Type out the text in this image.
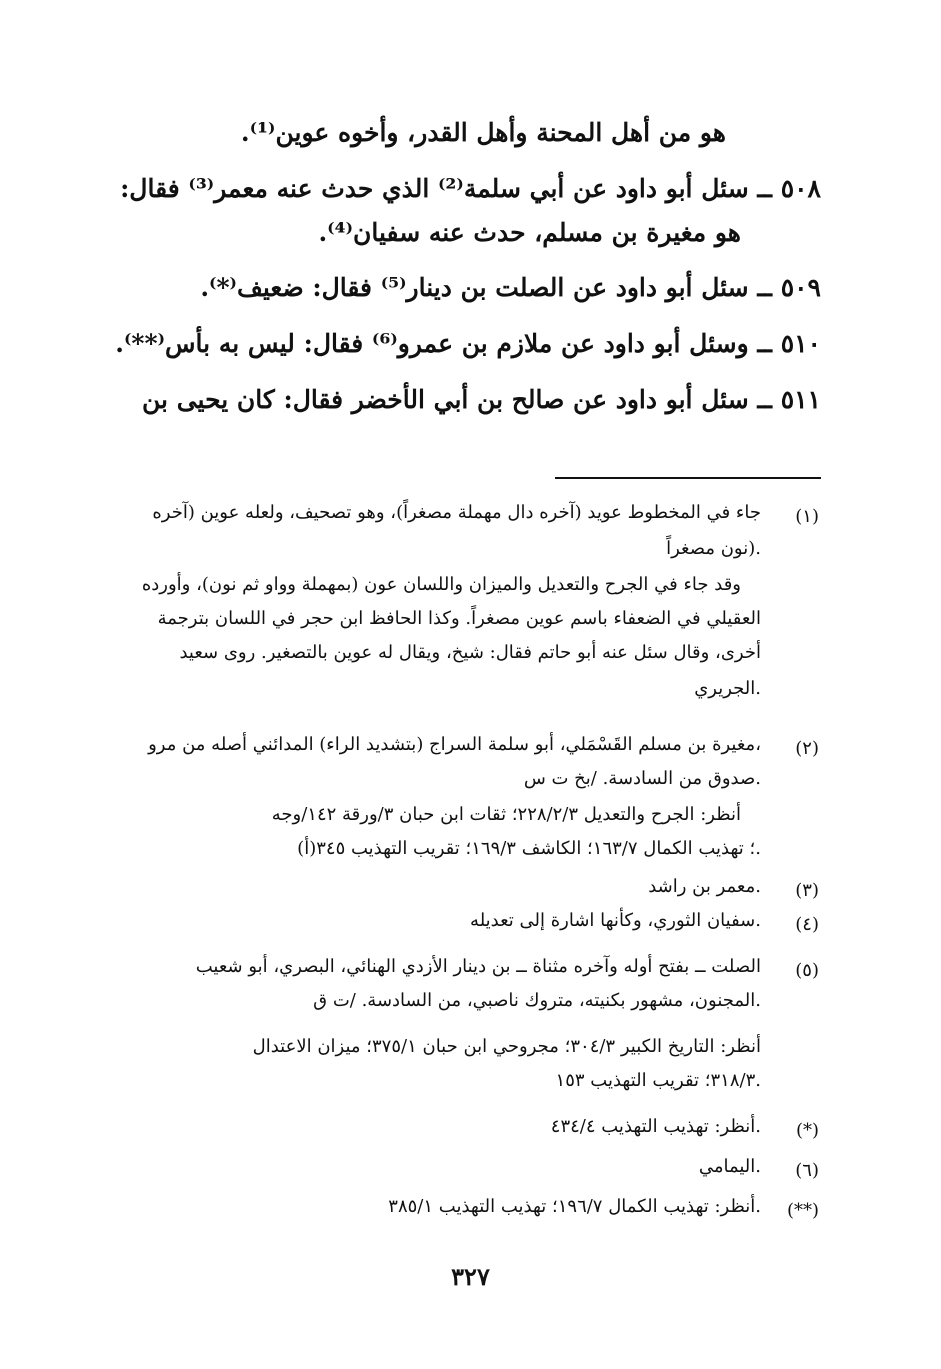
هو من أهل المحنة وأهل القدر، وأخوه عوين⁽¹⁾.
٥٠٨ ــ سئل أبو داود عن أبي سلمة⁽²⁾ الذي حدث عنه معمر⁽³⁾ فقال:
هو مغيرة بن مسلم، حدث عنه سفيان⁽⁴⁾.
٥٠٩ ــ سئل أبو داود عن الصلت بن دينار⁽⁵⁾ فقال: ضعيف⁽*⁾.
٥١٠ ــ وسئل أبو داود عن ملازم بن عمرو⁽⁶⁾ فقال: ليس به بأس⁽**⁾.
٥١١ ــ سئل أبو داود عن صالح بن أبي الأخضر فقال: كان يحيى بن
(١)
جاء في المخطوط عويد (آخره دال مهملة مصغراً)، وهو تصحيف، ولعله عوين (آخره
نون مصغراً).
وقد جاء في الجرح والتعديل والميزان واللسان عون (بمهملة وواو ثم نون)، وأورده
العقيلي في الضعفاء باسم عوين مصغراً. وكذا الحافظ ابن حجر في اللسان بترجمة
أخرى، وقال سئل عنه أبو حاتم فقال: شيخ، ويقال له عوين بالتصغير. روى سعيد
الجريري.
(٢)
مغيرة بن مسلم القَسْمَلي، أبو سلمة السراج (بتشديد الراء) المدائني أصله من مرو،
صدوق من السادسة. /بخ ت س.
أنظر: الجرح والتعديل ٢٢٨/٢/٣؛ ثقات ابن حبان ٣/ورقة ١٤٢/وجه
(أ)؛ تهذيب الكمال ١٦٣/٧؛ الكاشف ١٦٩/٣؛ تقريب التهذيب ٣٤٥.
(٣)
معمر بن راشد.
(٤)
سفيان الثوري، وكأنها اشارة إلى تعديله.
(٥)
الصلت ــ بفتح أوله وآخره مثناة ــ بن دينار الأزدي الهنائي، البصري، أبو شعيب
المجنون، مشهور بكنيته، متروك ناصبي، من السادسة. /ت ق.
أنظر: التاريخ الكبير ٣٠٤/٣؛ مجروحي ابن حبان ٣٧٥/١؛ ميزان الاعتدال
٣١٨/٣؛ تقريب التهذيب ١٥٣.
(*)
أنظر: تهذيب التهذيب ٤٣٤/٤.
(٦)
اليمامي.
(**)
أنظر: تهذيب الكمال ١٩٦/٧؛ تهذيب التهذيب ٣٨٥/١.
٣٢٧
